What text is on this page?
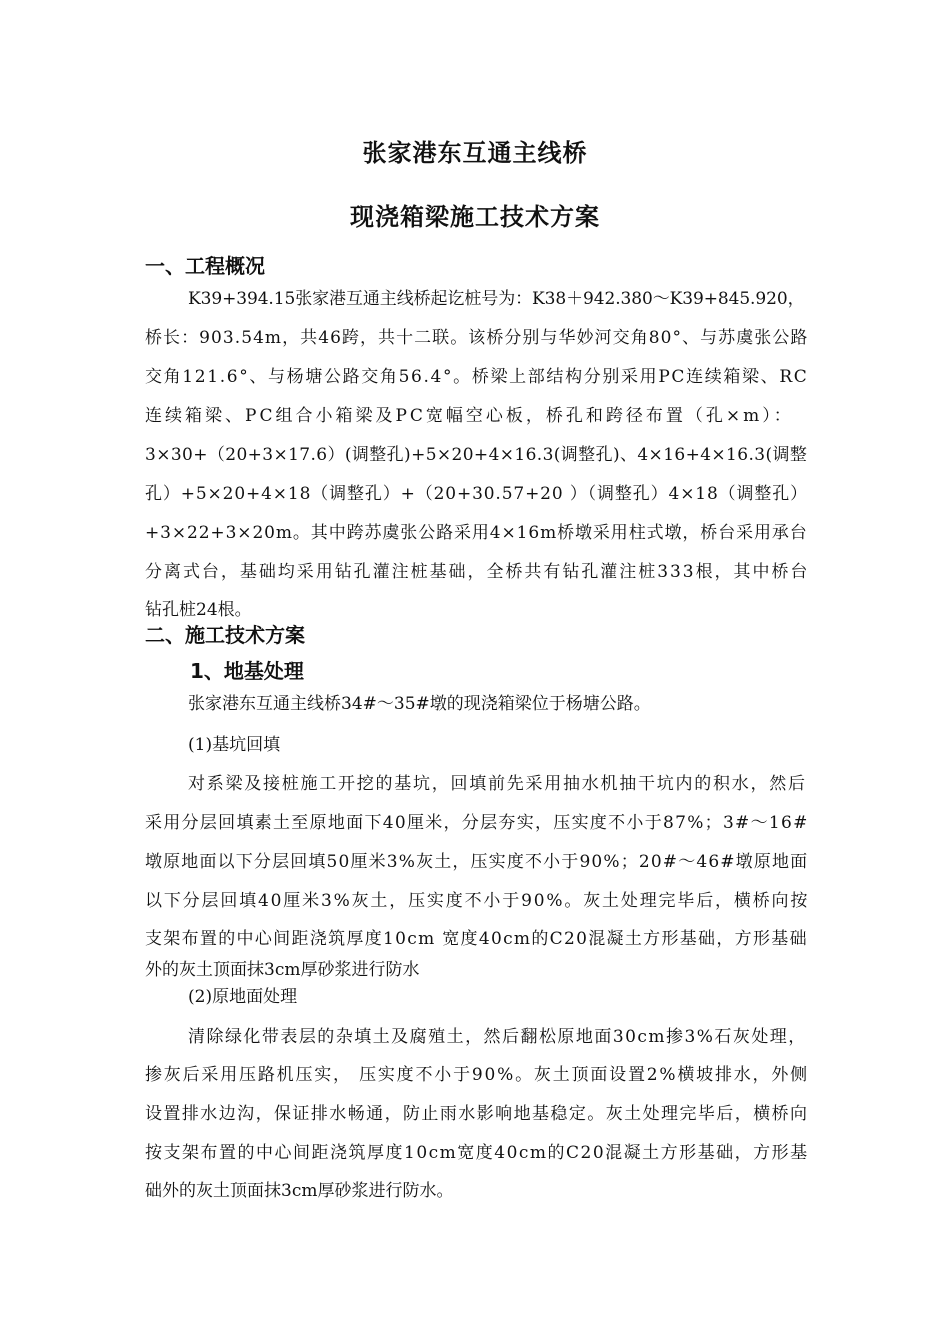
张家港东互通主线桥
现浇箱梁施工技术方案
一、工程概况
K39+394.15张家港互通主线桥起讫桩号为：K38＋942.380～K39+845.920，
桥长：903.54m，共46跨，共十二联。该桥分别与华妙河交角80°、与苏虞张公路
交角121.6°、与杨塘公路交角56.4°。桥梁上部结构分别采用PC连续箱梁、RC
连续箱梁、PC组合小箱梁及PC宽幅空心板，桥孔和跨径布置（孔×m）：
3×30+（20+3×17.6）(调整孔)+5×20+4×16.3(调整孔)、4×16+4×16.3(调整
孔）+5×20+4×18（调整孔）+（20+30.57+20 ）（调整孔）4×18（调整孔）
+3×22+3×20m。其中跨苏虞张公路采用4×16m桥墩采用柱式墩，桥台采用承台
分离式台，基础均采用钻孔灌注桩基础，全桥共有钻孔灌注桩333根，其中桥台
钻孔桩24根。
二、施工技术方案
1、地基处理
张家港东互通主线桥34#～35#墩的现浇箱梁位于杨塘公路。
(1)基坑回填
对系梁及接桩施工开挖的基坑，回填前先采用抽水机抽干坑内的积水，然后
采用分层回填素土至原地面下40厘米，分层夯实，压实度不小于87%；3#～16#
墩原地面以下分层回填50厘米3%灰土，压实度不小于90%；20#～46#墩原地面
以下分层回填40厘米3%灰土，压实度不小于90%。灰土处理完毕后，横桥向按
支架布置的中心间距浇筑厚度10cm 宽度40cm的C20混凝土方形基础，方形基础
外的灰土顶面抹3cm厚砂浆进行防水
(2)原地面处理
清除绿化带表层的杂填土及腐殖土，然后翻松原地面30cm掺3%石灰处理，
掺灰后采用压路机压实， 压实度不小于90%。灰土顶面设置2%横坡排水，外侧
设置排水边沟，保证排水畅通，防止雨水影响地基稳定。灰土处理完毕后，横桥向
按支架布置的中心间距浇筑厚度10cm宽度40cm的C20混凝土方形基础，方形基
础外的灰土顶面抹3cm厚砂浆进行防水。
